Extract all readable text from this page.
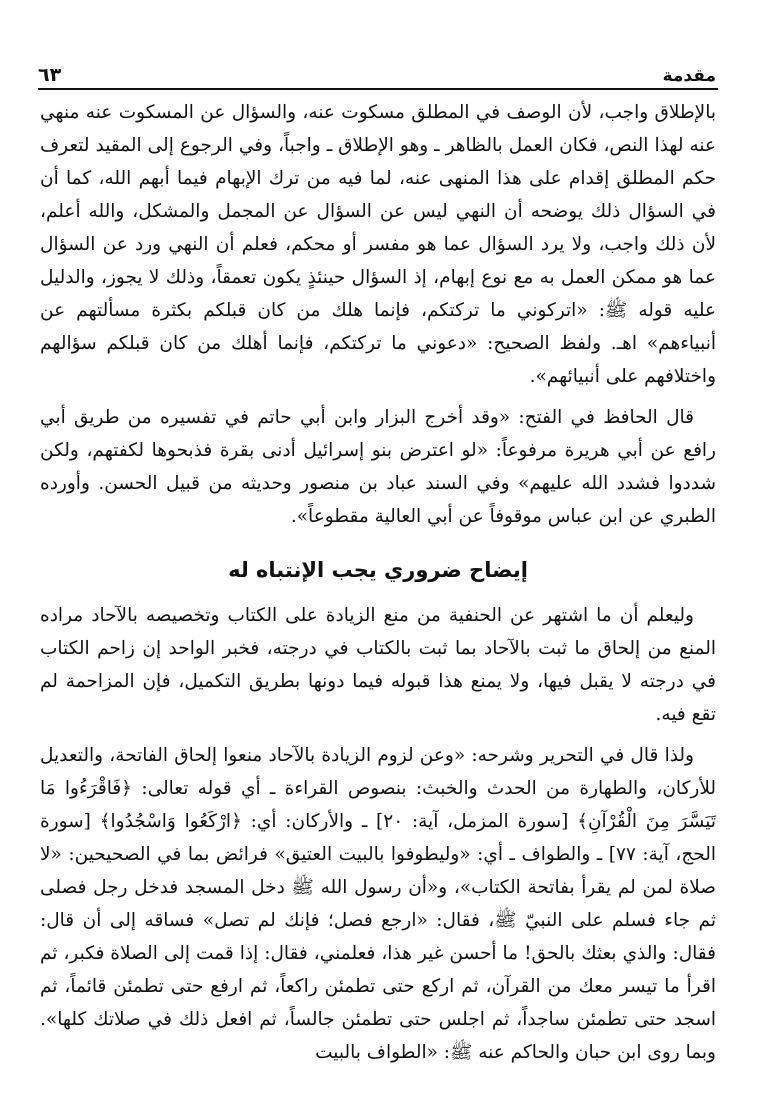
مقدمة
٦٣

بالإطلاق واجب، لأن الوصف في المطلق مسكوت عنه، والسؤال عن المسكوت عنه منهي عنه لهذا النص، فكان العمل بالظاهر ـ وهو الإطلاق ـ واجباً، وفي الرجوع إلى المقيد لتعرف حكم المطلق إقدام على هذا المنهى عنه، لما فيه من ترك الإبهام فيما أبهم الله، كما أن في السؤال ذلك يوضحه أن النهي ليس عن السؤال عن المجمل والمشكل، والله أعلم، لأن ذلك واجب، ولا يرد السؤال عما هو مفسر أو محكم، فعلم أن النهي ورد عن السؤال عما هو ممكن العمل به مع نوع إبهام، إذ السؤال حينئذٍ يكون تعمقاً، وذلك لا يجوز، والدليل عليه قوله ﷺ: «اتركوني ما تركتكم، فإنما هلك من كان قبلكم بكثرة مسألتهم عن أنبياءهم» اهـ. ولفظ الصحيح: «دعوني ما تركتكم، فإنما أهلك من كان قبلكم سؤالهم واختلافهم على أنبيائهم».

قال الحافظ في الفتح: «وقد أخرج البزار وابن أبي حاتم في تفسيره من طريق أبي رافع عن أبي هريرة مرفوعاً: «لو اعترض بنو إسرائيل أدنى بقرة فذبحوها لكفتهم، ولكن شددوا فشدد الله عليهم» وفي السند عباد بن منصور وحديثه من قبيل الحسن. وأورده الطبري عن ابن عباس موقوفاً عن أبي العالية مقطوعاً».

إيضاح ضروري يجب الإنتباه له

وليعلم أن ما اشتهر عن الحنفية من منع الزيادة على الكتاب وتخصيصه بالآحاد مراده المنع من إلحاق ما ثبت بالآحاد بما ثبت بالكتاب في درجته، فخبر الواحد إن زاحم الكتاب في درجته لا يقبل فيها، ولا يمنع هذا قبوله فيما دونها بطريق التكميل، فإن المزاحمة لم تقع فيه.

ولذا قال في التحرير وشرحه: «وعن لزوم الزيادة بالآحاد منعوا إلحاق الفاتحة، والتعديل للأركان، والطهارة من الحدث والخبث: بنصوص القراءة ـ أي قوله تعالى: ﴿فَاقْرَءُوا مَا تَيَسَّرَ مِنَ الْقُرْآنِ﴾ [سورة المزمل، آية: ٢٠] ـ والأركان: أي: ﴿ارْكَعُوا وَاسْجُدُوا﴾ [سورة الحج، آية: ٧٧] ـ والطواف ـ أي: «وليطوفوا بالبيت العتيق» فرائض بما في الصحيحين: «لا صلاة لمن لم يقرأ بفاتحة الكتاب»، و«أن رسول الله ﷺ دخل المسجد فدخل رجل فصلى ثم جاء فسلم على النبيّ ﷺ، فقال: «ارجع فصل؛ فإنك لم تصل» فساقه إلى أن قال: فقال: والذي بعثك بالحق! ما أحسن غير هذا، فعلمني، فقال: إذا قمت إلى الصلاة فكبر، ثم اقرأ ما تيسر معك من القرآن، ثم اركع حتى تطمئن راكعاً، ثم ارفع حتى تطمئن قائماً، ثم اسجد حتى تطمئن ساجداً، ثم اجلس حتى تطمئن جالساً، ثم افعل ذلك في صلاتك كلها». وبما روى ابن حبان والحاكم عنه ﷺ: «الطواف بالبيت
